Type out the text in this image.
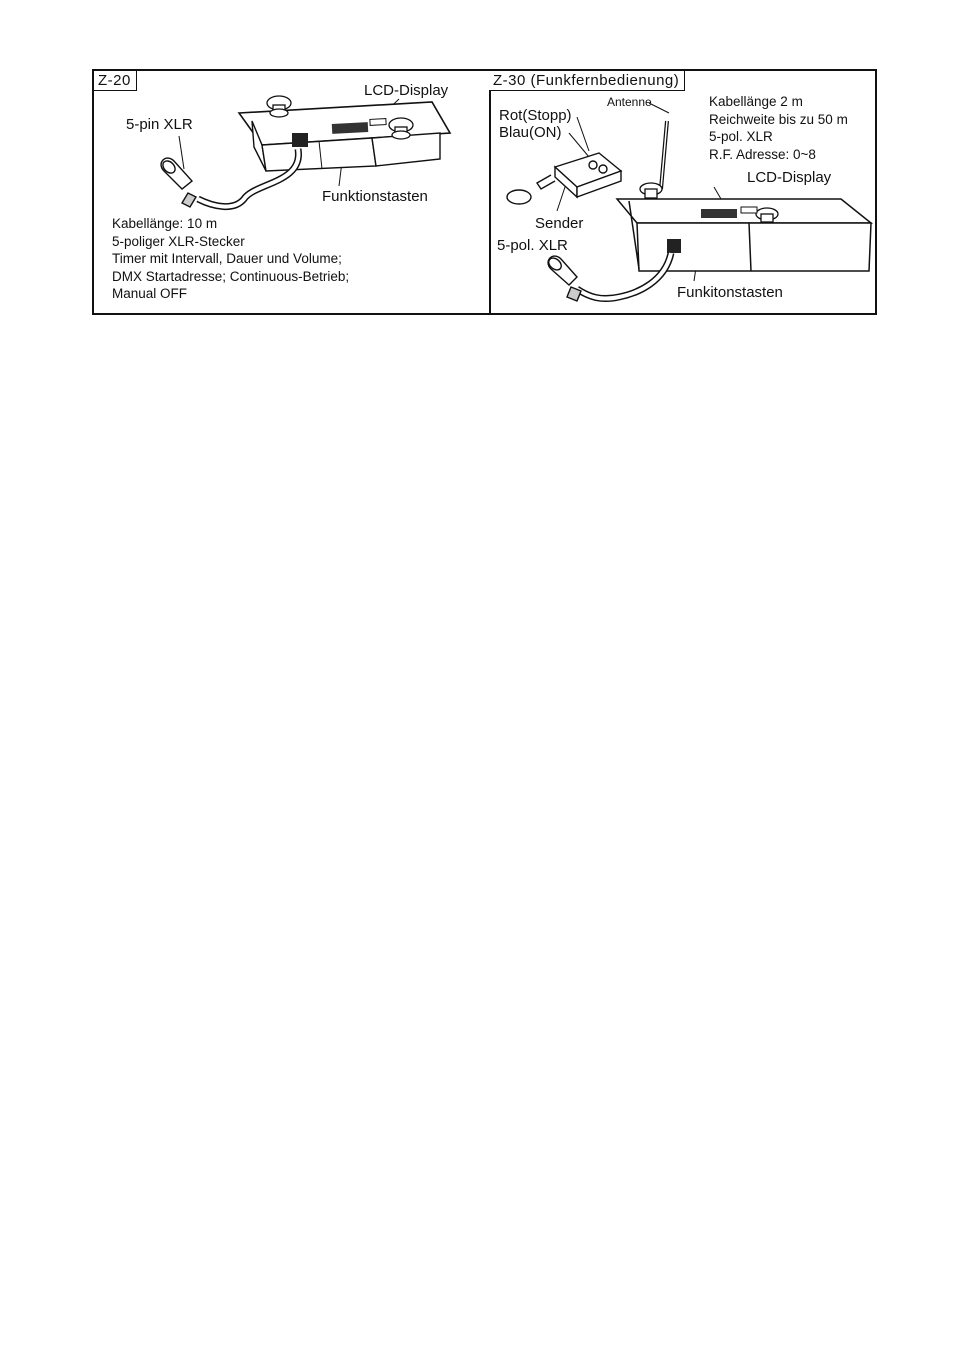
Z-20
LCD-Display
5-pin XLR
Funktionstasten
Kabellänge: 10 m
5-poliger XLR-Stecker
Timer mit Intervall, Dauer und Volume;
DMX Startadresse; Continuous-Betrieb;
Manual OFF
Z-30 (Funkfernbedienung)
Antenne
Rot(Stopp)
Blau(ON)
Sender
5-pol. XLR
LCD-Display
Funkitonstasten
Kabellänge 2 m
Reichweite bis zu 50 m
5-pol. XLR
R.F. Adresse: 0~8
